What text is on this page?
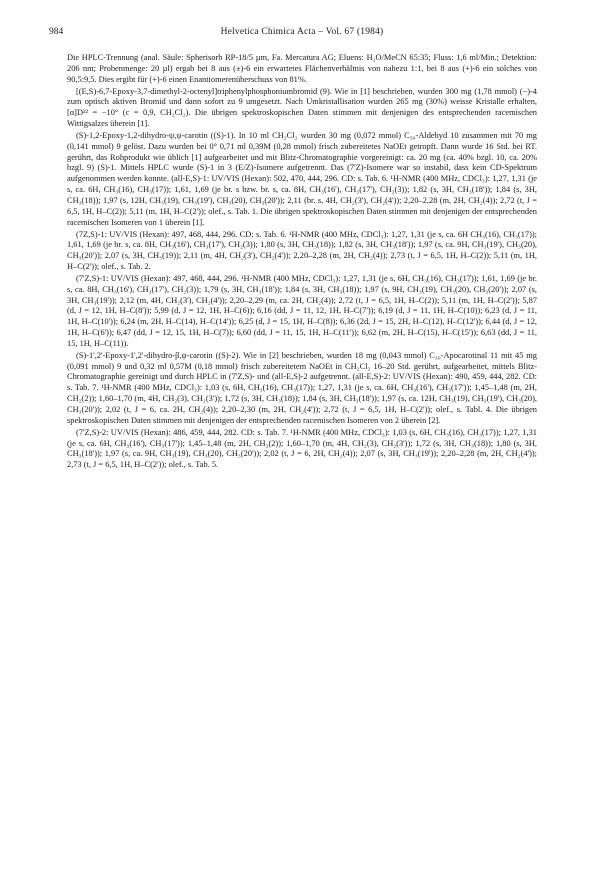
984	Helvetica Chimica Acta – Vol. 67 (1984)

Die HPLC-Trennung (anal. Säule: Spherisorb RP-18/5 µm, Fa. Mercatura AG; Eluens: H₂O/MeCN 65:35; Fluss: 1,6 ml/Min.; Detektion: 206 nm; Probenmenge: 20 µl) ergab bei 8 aus (±)-6 ein erwartetes Flächenverhältnis von nahezu 1:1, bei 8 aus (+)-6 ein solches von 90,5:9,5. Dies ergibt für (+)-6 einen Enantiomerenüberschuss von 81%.

[(E,S)-6,7-Epoxy-3,7-dimethyl-2-octenyl]triphenylphosphoniumbromid (9). Wie in [1] beschrieben, wurden 300 mg (1,78 mmol) (−)-4 zum optisch aktiven Bromid und dann sofort zu 9 umgesetzt. Nach Umkristallisation wurden 265 mg (30%) weisse Kristalle erhalten, [α]D²² = −10° (c = 0,9, CH₂Cl₂). Die übrigen spektroskopischen Daten stimmen mit denjenigen des entsprechenden racemischen Wittigsalzes überein [1].

(S)-1,2-Epoxy-1,2-dihydro-ψ,ψ-carotin ((S)-1). In 10 ml CH₂Cl₂ wurden 30 mg (0,072 mmol) C₃₀-Aldehyd 10 zusammen mit 70 mg (0,141 mmol) 9 gelöst. Dazu wurden bei 0° 0,71 ml 0,39M (0,28 mmol) frisch zubereitetes NaOEt getropft. Dann wurde 16 Std. bei RT. gerührt, das Rohprodukt wie üblich [1] aufgearbeitet und mit Blitz-Chromatographie vorgereinigt: ca. 20 mg (ca. 40% bzgl. 10, ca. 20% bzgl. 9) (S)-1. Mittels HPLC wurde (S)-1 in 3 (E/Z)-Isomere aufgetrennt. Das (7'Z)-Isomere war so instabil, dass kein CD-Spektrum aufgenommen werden konnte. (all-E,S)-1: UV/VIS (Hexan): 502, 470, 444, 296. CD: s. Tab. 6. ¹H-NMR (400 MHz, CDCl₃): 1,27, 1,31 (je s, ca. 6H, CH₃(16), CH₃(17)); 1,61, 1,69 (je br. s bzw. br. s, ca. 8H, CH₃(16'), CH₃(17'), CH₂(3)); 1,82 (s, 3H, CH₃(18')); 1,84 (s, 3H, CH₃(18)); 1,97 (s, 12H, CH₃(19), CH₃(19'), CH₃(20), CH₃(20')); 2,11 (br. s, 4H, CH₂(3'), CH₂(4')); 2,20–2,28 (m, 2H, CH₂(4)); 2,72 (t, J = 6,5, 1H, H–C(2)); 5,11 (m, 1H, H–C(2')); olef., s. Tab. 1. Die übrigen spektroskopischen Daten stimmen mit denjenigen der entsprechenden racemischen Isomeren von 1 überein [1].

(7Z,S)-1: UV/VIS (Hexan): 497, 468, 444, 296. CD: s. Tab. 6. ¹H-NMR (400 MHz, CDCl₃): 1,27, 1,31 (je s, ca. 6H CH₃(16), CH₃(17)); 1,61, 1,69 (je br. s, ca. 8H, CH₃(16'), CH₃(17'), CH₂(3)); 1,80 (s, 3H, CH₃(18)); 1,82 (s, 3H, CH₃(18')); 1,97 (s, ca. 9H, CH₃(19'), CH₃(20), CH₃(20')); 2,07 (s, 3H, CH₃(19)); 2,11 (m, 4H, CH₂(3'), CH₂(4')); 2,20–2,28 (m, 2H, CH₂(4)); 2,73 (t, J = 6,5, 1H, H–C(2)); 5,11 (m, 1H, H–C(2')); olef., s. Tab. 2.

(7'Z,S)-1: UV/VIS (Hexan): 497, 468, 444, 296. ¹H-NMR (400 MHz, CDCl₃): 1,27, 1,31 (je s, 6H, CH₃(16), CH₃(17)); 1,61, 1,69 (je br. s, ca. 8H, CH₃(16'), CH₃(17'), CH₂(3)); 1,79 (s, 3H, CH₃(18')); 1,84 (s, 3H, CH₃(18)); 1,97 (s, 9H, CH₃(19), CH₃(20), CH₃(20')); 2,07 (s, 3H, CH₃(19')); 2,12 (m, 4H, CH₂(3'), CH₂(4')); 2,20–2,29 (m, ca. 2H, CH₂(4)); 2,72 (t, J = 6,5, 1H, H–C(2)); 5,11 (m, 1H, H–C(2')); 5,87 (d, J = 12, 1H, H–C(8')); 5,99 (d, J = 12, 1H, H–C(6)); 6,16 (dd, J = 11, 12, 1H, H–C(7')); 6,19 (d, J = 11, 1H, H–C(10)); 6,23 (d, J = 11, 1H, H–C(10')); 6,24 (m, 2H, H–C(14), H–C(14')); 6,25 (d, J = 15, 1H, H–C(8)); 6,36 (2d, J = 15, 2H, H–C(12), H–C(12')); 6,44 (d, J = 12, 1H, H–C(6')); 6,47 (dd, J = 12, 15, 1H, H–C(7)); 6,60 (dd, J = 11, 15, 1H, H–C(11')); 6,62 (m, 2H, H–C(15), H–C(15')); 6,63 (dd, J = 11, 15, 1H, H–C(11)).

(S)-1',2'-Epoxy-1',2'-dihydro-β,ψ-carotin ((S)-2). Wie in [2] beschrieben, wurden 18 mg (0,043 mmol) C₃₀-Apocarotinal 11 mit 45 mg (0,091 mmol) 9 und 0,32 ml 0,57M (0,18 mmol) frisch zubereitetem NaOEt in CH₂Cl₂ 16–20 Std. gerührt, aufgearbeitet, mittels Blitz-Chromatographie gereinigt und durch HPLC in (7'Z,S)- und (all-E,S)-2 aufgetrennt. (all-E,S)-2: UV/VIS (Hexan): 490, 459, 444, 282. CD: s. Tab. 7. ¹H-NMR (400 MHz, CDCl₃): 1,03 (s, 6H, CH₃(16), CH₃(17)); 1,27, 1,31 (je s, ca. 6H, CH₃(16'), CH₃(17')); 1,45–1,48 (m, 2H, CH₂(2)); 1,60–1,70 (m, 4H, CH₂(3), CH₂(3')); 1,72 (s, 3H, CH₃(18)); 1,84 (s, 3H, CH₃(18')); 1,97 (s, ca. 12H, CH₃(19), CH₃(19'), CH₃(20), CH₃(20')); 2,02 (t, J = 6, ca. 2H, CH₂(4)); 2,20–2,30 (m, 2H, CH₂(4')); 2,72 (t, J = 6,5, 1H, H–C(2')); olef., s. Tabl. 4. Die übrigen spektroskopischen Daten stimmen mit denjenigen der entsprechenden racemischen Isomeren von 2 überein [2].

(7'Z,S)-2: UV/VIS (Hexan): 486, 459, 444, 282. CD: s. Tab. 7. ¹H-NMR (400 MHz, CDCl₃): 1,03 (s, 6H, CH₃(16), CH₃(17)); 1,27, 1,31 (je s, ca. 6H, CH₃(16'), CH₃(17')); 1,45–1,48 (m, 2H, CH₂(2)); 1,60–1,70 (m, 4H, CH₂(3), CH₂(3')); 1,72 (s, 3H, CH₃(18)); 1,80 (s, 3H, CH₃(18')); 1,97 (s, ca. 9H, CH₃(19), CH₃(20), CH₃(20')); 2,02 (t, J = 6, 2H, CH₂(4)); 2,07 (s, 3H, CH₃(19')); 2,20–2,28 (m, 2H, CH₂(4')); 2,73 (t, J = 6,5, 1H, H–C(2')); olef., s. Tab. 5.
